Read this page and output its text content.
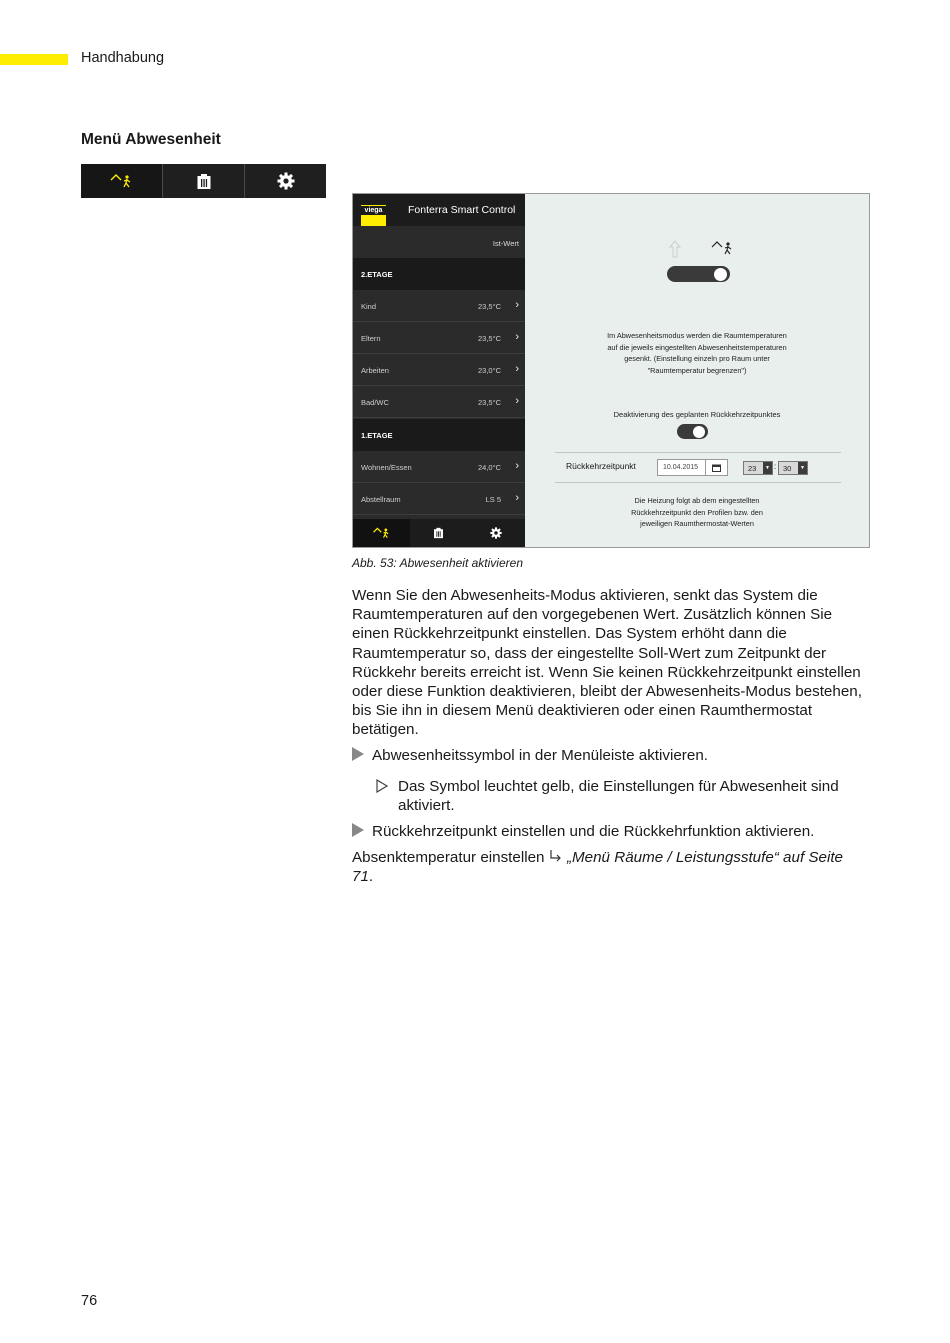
Handhabung
Menü Abwesenheit
viega	Fonterra Smart Control
Ist-Wert
2.ETAGE
Kind	23,5°C ›
Eltern	23,5°C ›
Arbeiten	23,0°C ›
Bad/WC	23,5°C ›
1.ETAGE
Wohnen/Essen	24,0°C ›
Abstellraum	LS 5 ›
Im Abwesenheitsmodus werden die Raumtemperaturen auf die jeweils eingestellten Abwesenheitstemperaturen gesenkt. (Einstellung einzeln pro Raum unter "Raumtemperatur begrenzen")
Deaktivierung des geplanten Rückkehrzeitpunktes
Rückkehrzeitpunkt	10.04.2015	23	▼ : 30	▼
Die Heizung folgt ab dem eingestellten Rückkehrzeitpunkt den Profilen bzw. den jeweiligen Raumthermostat-Werten
Abb. 53: Abwesenheit aktivieren
Wenn Sie den Abwesenheits-Modus aktivieren, senkt das System die Raumtemperaturen auf den vorgegebenen Wert. Zusätzlich können Sie einen Rückkehrzeitpunkt einstellen. Das System erhöht dann die Raumtemperatur so, dass der eingestellte Soll-Wert zum Zeitpunkt der Rückkehr bereits erreicht ist. Wenn Sie keinen Rückkehrzeitpunkt einstellen oder diese Funktion deaktivieren, bleibt der Abwesenheits-Modus bestehen, bis Sie ihn in diesem Menü deaktivieren oder einen Raumthermostat betätigen.
Abwesenheitssymbol in der Menüleiste aktivieren.
Das Symbol leuchtet gelb, die Einstellungen für Abwesenheit sind aktiviert.
Rückkehrzeitpunkt einstellen und die Rückkehrfunktion aktivieren.
Absenktemperatur einstellen „Menü Räume / Leistungsstufe“ auf Seite 71.
76
